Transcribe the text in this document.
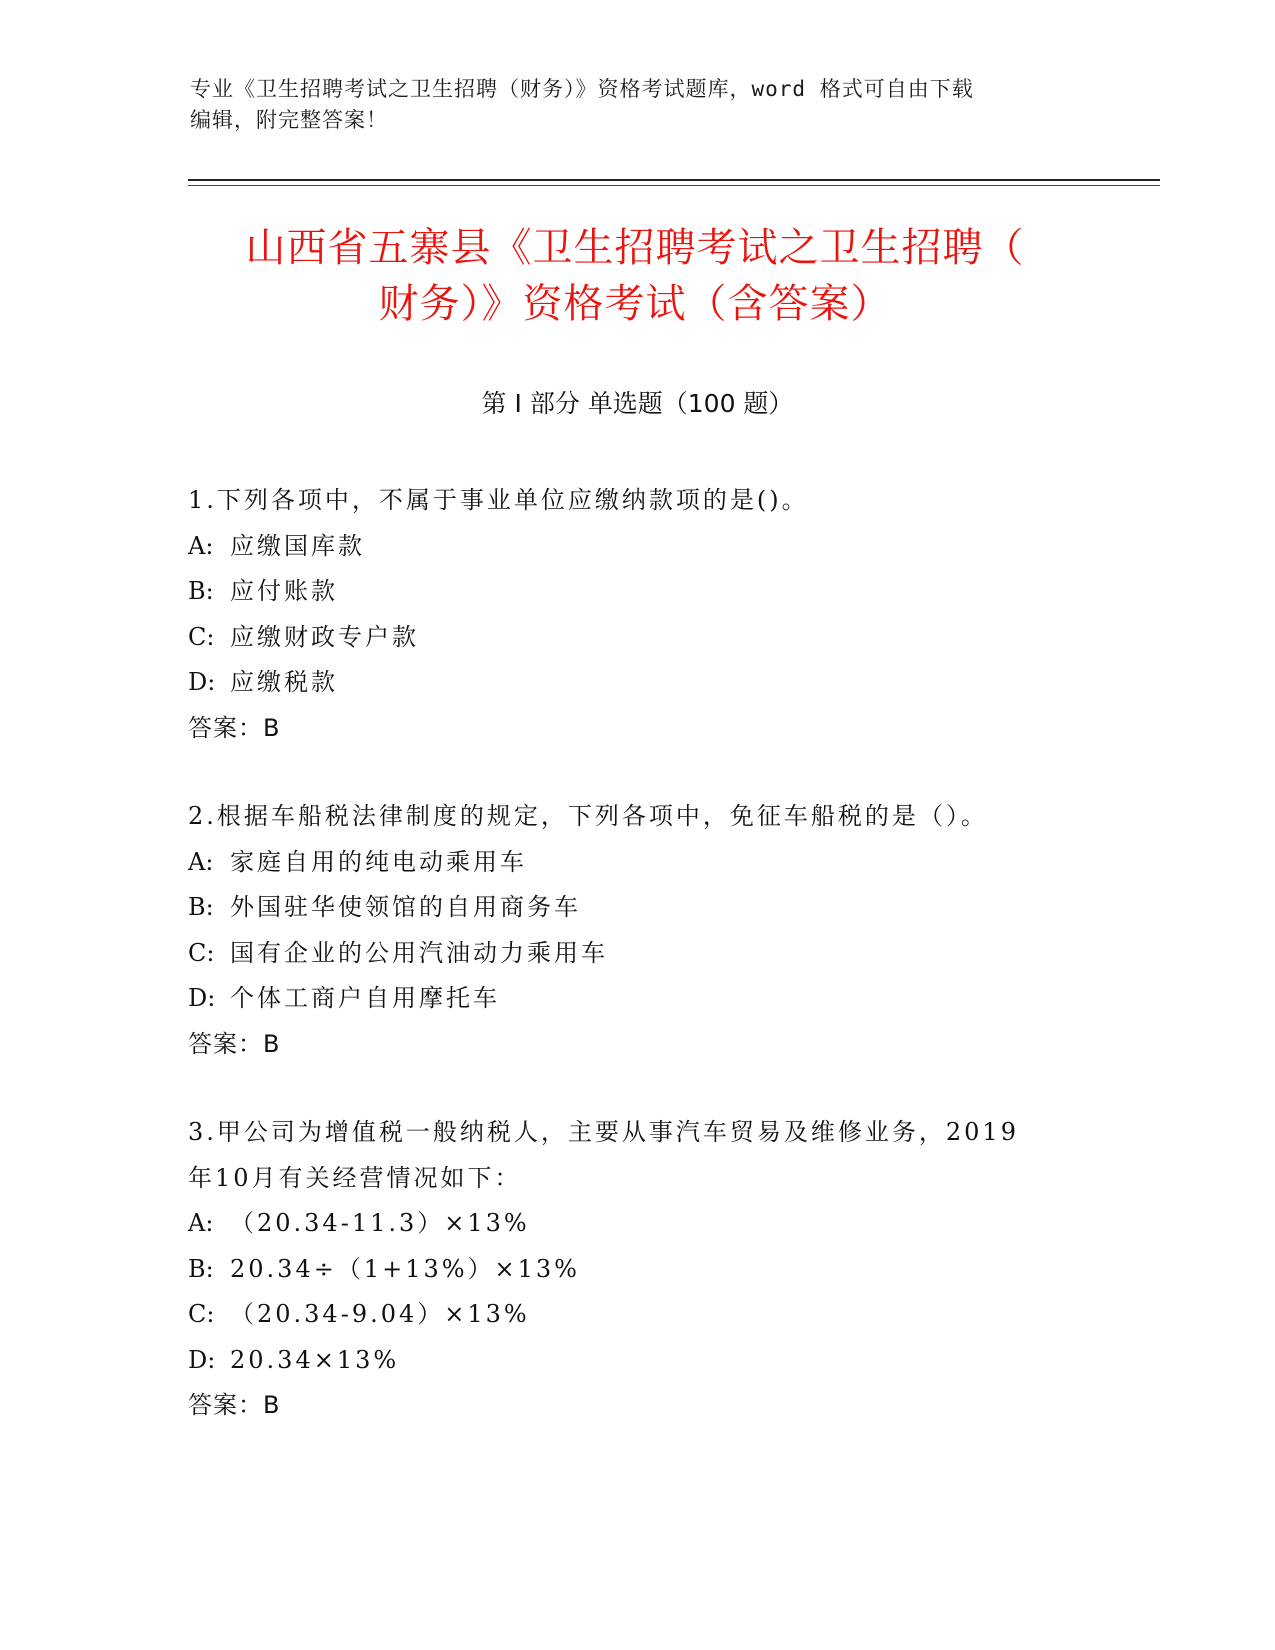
专业《卫生招聘考试之卫生招聘（财务）》资格考试题库，word 格式可自由下载
编辑，附完整答案！
山西省五寨县《卫生招聘考试之卫生招聘（
财务）》资格考试（含答案）
第 I 部分 单选题（100 题）
1.下列各项中，不属于事业单位应缴纳款项的是()。
A: 应缴国库款
B: 应付账款
C: 应缴财政专户款
D: 应缴税款
答案：B
2.根据车船税法律制度的规定，下列各项中，免征车船税的是（）。
A: 家庭自用的纯电动乘用车
B: 外国驻华使领馆的自用商务车
C: 国有企业的公用汽油动力乘用车
D: 个体工商户自用摩托车
答案：B
3.甲公司为增值税一般纳税人，主要从事汽车贸易及维修业务，2019
年10月有关经营情况如下：
A: （20.34-11.3）×13%
B: 20.34÷（1+13%）×13%
C: （20.34-9.04）×13%
D: 20.34×13%
答案：B
